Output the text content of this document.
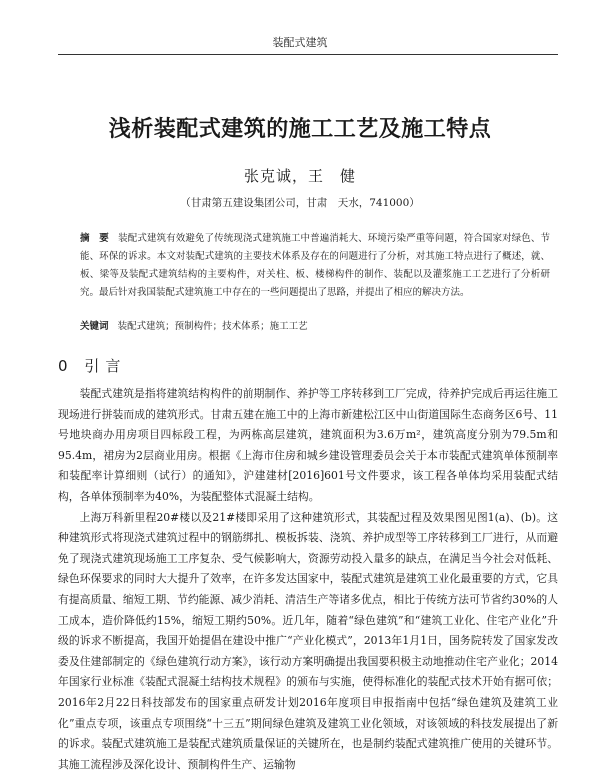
装配式建筑
浅析装配式建筑的施工工艺及施工特点
张克诚，王　健
（甘肃第五建设集团公司，甘肃　天水，741000）
摘　要 装配式建筑有效避免了传统现浇式建筑施工中普遍消耗大、环境污染严重等问题，符合国家对绿色、节能、环保的诉求。本文对装配式建筑的主要技术体系及存在的问题进行了分析，对其施工特点进行了概述，就、板、梁等及装配式建筑结构的主要构件，对关柱、板、楼梯构件的制作、装配以及灌浆施工工艺进行了分析研究。最后针对我国装配式建筑施工中存在的一些问题提出了思路，并提出了相应的解决方法。
关键词 装配式建筑；预制构件；技术体系；施工工艺
0 引言

装配式建筑是指将建筑结构构件的前期制作、养护等工序转移到工厂完成，待养护完成后再运往施工现场进行拼装而成的建筑形式。甘肃五建在施工中的上海市新建松江区中山街道国际生态商务区6号、11号地块商办用房项目四标段工程，为两栋高层建筑，建筑面积为3.6万m²，建筑高度分别为79.5m和95.4m，裙房为2层商业用房。根据《上海市住房和城乡建设管理委员会关于本市装配式建筑单体预制率和装配率计算细则（试行）的通知》，沪建建材[2016]601号文件要求，该工程各单体均采用装配式结构，各单体预制率为40%，为装配整体式混凝土结构。

上海万科新里程20#楼以及21#楼即采用了这种建筑形式，其装配过程及效果图见图1(a)、(b)。这种建筑形式将现浇式建筑过程中的钢筋绑扎、模板拆装、浇筑、养护成型等工序转移到工厂进行，从而避免了现浇式建筑现场施工工序复杂、受气候影响大，资源劳动投入量多的缺点，在满足当今社会对低耗、绿色环保要求的同时大大提升了效率，在许多发达国家中，装配式建筑是建筑工业化最重要的方式，它具有提高质量、缩短工期、节约能源、减少消耗、清洁生产等诸多优点，相比于传统方法可节省约30%的人工成本，造价降低约15%，缩短工期约50%。近几年，随着“绿色建筑”和“建筑工业化、住宅产业化”升级的诉求不断提高，我国开始提倡在建设中推广“产业化模式”，2013年1月1日，国务院转发了国家发改委及住建部制定的《绿色建筑行动方案》，该行动方案明确提出我国要积极主动地推动住宅产业化；2014年国家行业标准《装配式混凝土结构技术规程》的颁布与实施，使得标准化的装配式技术开始有据可依；2016年2月22日科技部发布的国家重点研发计划2016年度项目申报指南中包括“绿色建筑及建筑工业化”重点专项，该重点专项围绕“十三五”期间绿色建筑及建筑工业化领域，对该领域的科技发展提出了新的诉求。装配式建筑施工是装配式建筑质量保证的关键所在，也是制约装配式建筑推广使用的关键环节。其施工流程涉及深化设计、预制构件生产、运输物
